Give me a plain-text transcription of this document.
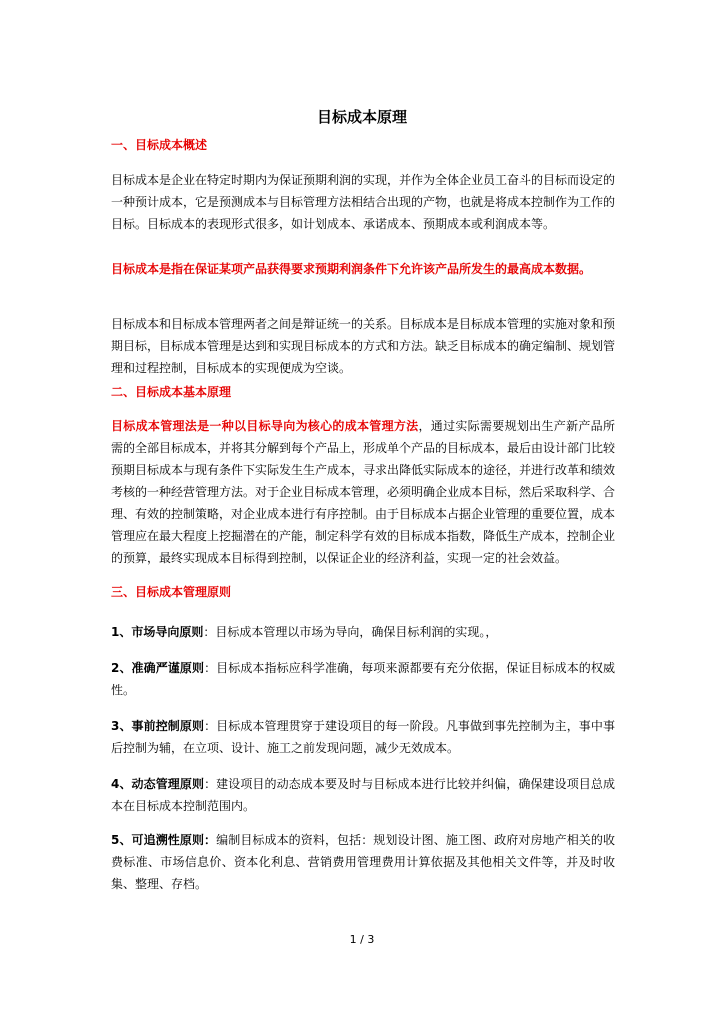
目标成本原理
一、目标成本概述
目标成本是企业在特定时期内为保证预期利润的实现，并作为全体企业员工奋斗的目标而设定的一种预计成本，它是预测成本与目标管理方法相结合出现的产物，也就是将成本控制作为工作的目标。目标成本的表现形式很多，如计划成本、承诺成本、预期成本或利润成本等。
目标成本是指在保证某项产品获得要求预期利润条件下允许该产品所发生的最高成本数据。
目标成本和目标成本管理两者之间是辩证统一的关系。目标成本是目标成本管理的实施对象和预期目标，目标成本管理是达到和实现目标成本的方式和方法。缺乏目标成本的确定编制、规划管理和过程控制，目标成本的实现便成为空谈。
二、目标成本基本原理
目标成本管理法是一种以目标导向为核心的成本管理方法，通过实际需要规划出生产新产品所需的全部目标成本，并将其分解到每个产品上，形成单个产品的目标成本，最后由设计部门比较预期目标成本与现有条件下实际发生生产成本，寻求出降低实际成本的途径，并进行改革和绩效考核的一种经营管理方法。对于企业目标成本管理，必须明确企业成本目标，然后采取科学、合理、有效的控制策略，对企业成本进行有序控制。由于目标成本占据企业管理的重要位置，成本管理应在最大程度上挖掘潜在的产能，制定科学有效的目标成本指数，降低生产成本，控制企业的预算，最终实现成本目标得到控制，以保证企业的经济利益，实现一定的社会效益。
三、目标成本管理原则
1、市场导向原则：目标成本管理以市场为导向，确保目标利润的实现。，
2、准确严谨原则：目标成本指标应科学准确，每项来源都要有充分依据，保证目标成本的权威性。
3、事前控制原则：目标成本管理贯穿于建设项目的每一阶段。凡事做到事先控制为主，事中事后控制为辅，在立项、设计、施工之前发现问题，减少无效成本。
4、动态管理原则：建设项目的动态成本要及时与目标成本进行比较并纠偏，确保建设项目总成本在目标成本控制范围内。
5、可追溯性原则：编制目标成本的资料，包括：规划设计图、施工图、政府对房地产相关的收费标准、市场信息价、资本化利息、营销费用管理费用计算依据及其他相关文件等，并及时收集、整理、存档。
1 / 3
